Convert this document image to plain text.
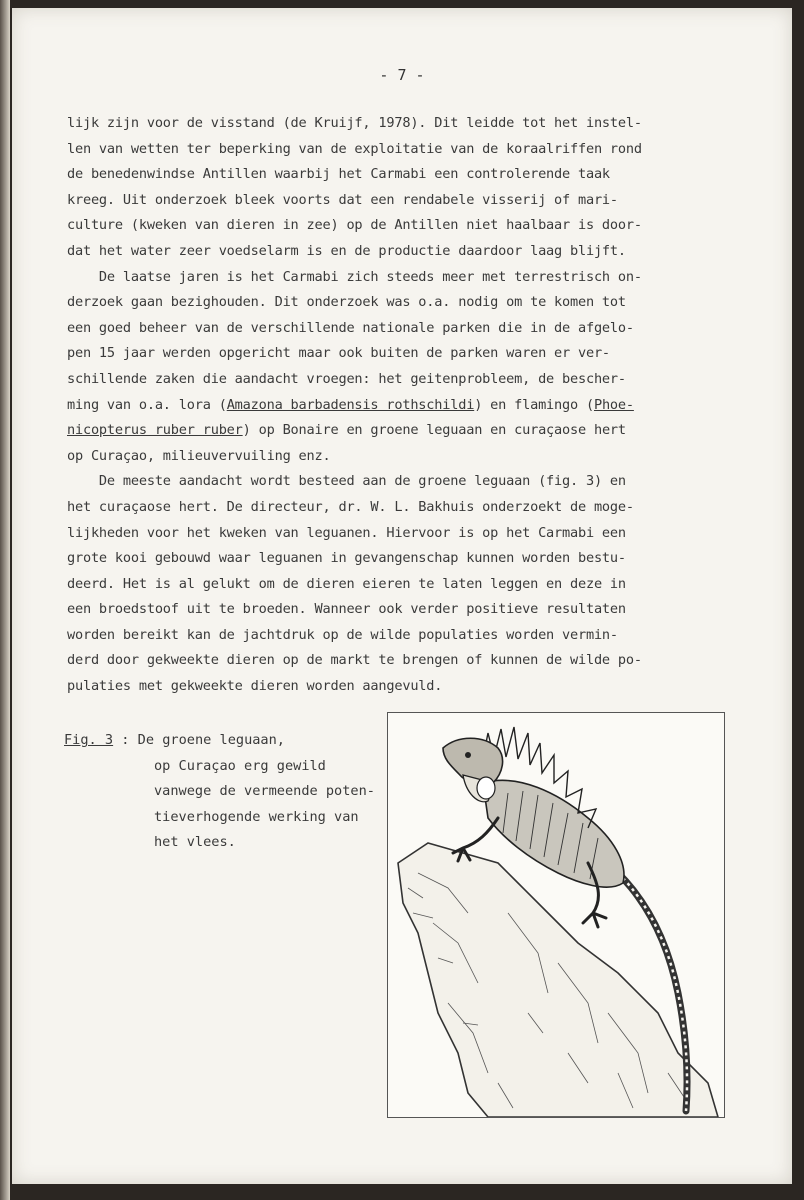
- 7 -
lijk zijn voor de visstand (de Kruijf, 1978). Dit leidde tot het instel-
len van wetten ter beperking van de exploitatie van de koraalriffen rond
de benedenwindse Antillen waarbij het Carmabi een controlerende taak
kreeg. Uit onderzoek bleek voorts dat een rendabele visserij of mari-
culture (kweken van dieren in zee) op de Antillen niet haalbaar is door-
dat het water zeer voedselarm is en de productie daardoor laag blijft.
De laatse jaren is het Carmabi zich steeds meer met terrestrisch on-
derzoek gaan bezighouden. Dit onderzoek was o.a. nodig om te komen tot
een goed beheer van de verschillende nationale parken die in de afgelo-
pen 15 jaar werden opgericht maar ook buiten de parken waren er ver-
schillende zaken die aandacht vroegen: het geitenprobleem, de bescher-
ming van o.a. lora (Amazona barbadensis rothschildi) en flamingo (Phoe-
nicopterus ruber ruber) op Bonaire en groene leguaan en curaçaose hert
op Curaçao, milieuvervuiling enz.
De meeste aandacht wordt besteed aan de groene leguaan (fig. 3) en
het curaçaose hert. De directeur, dr. W. L. Bakhuis onderzoekt de moge-
lijkheden voor het kweken van leguanen. Hiervoor is op het Carmabi een
grote kooi gebouwd waar leguanen in gevangenschap kunnen worden bestu-
deerd. Het is al gelukt om de dieren eieren te laten leggen en deze in
een broedstoof uit te broeden. Wanneer ook verder positieve resultaten
worden bereikt kan de jachtdruk op de wilde populaties worden vermin-
derd door gekweekte dieren op de markt te brengen of kunnen de wilde po-
pulaties met gekweekte dieren worden aangevuld.
Fig. 3 : De groene leguaan,
op Curaçao erg gewild
vanwege de vermeende poten-
tieverhogende werking van
het vlees.
